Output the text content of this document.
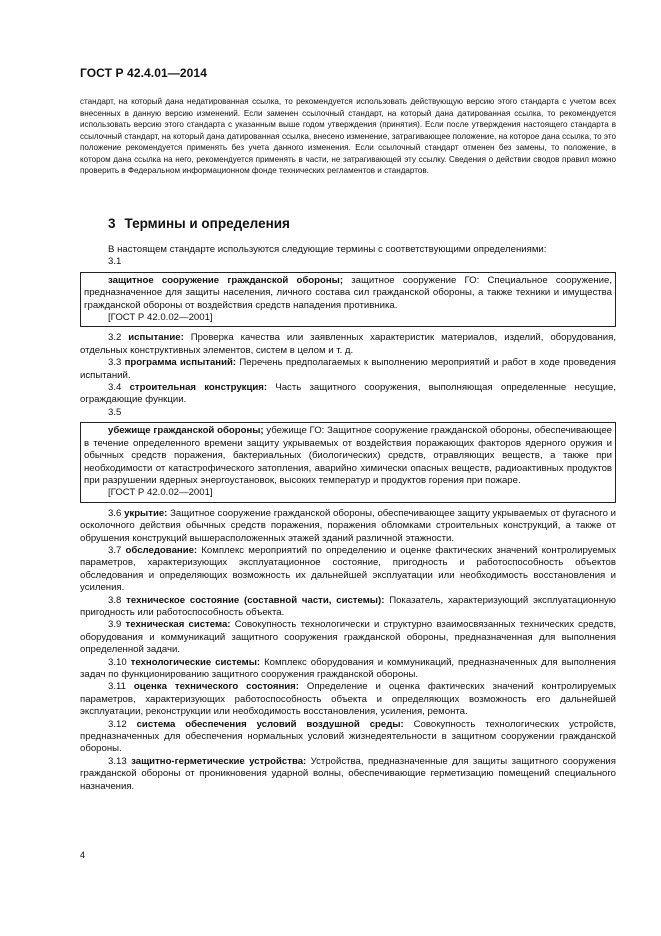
ГОСТ Р 42.4.01—2014
стандарт, на который дана недатированная ссылка, то рекомендуется использовать действующую версию этого стандарта с учетом всех внесенных в данную версию изменений. Если заменен ссылочный стандарт, на который дана датированная ссылка, то рекомендуется использовать версию этого стандарта с указанным выше годом утверждения (принятия). Если после утверждения настоящего стандарта в ссылочный стандарт, на который дана датированная ссылка, внесено изменение, затрагивающее положение, на которое дана ссылка, то это положение рекомендуется применять без учета данного изменения. Если ссылочный стандарт отменен без замены, то положение, в котором дана ссылка на него, рекомендуется применять в части, не затрагивающей эту ссылку. Сведения о действии сводов правил можно проверить в Федеральном информационном фонде технических регламентов и стандартов.
3 Термины и определения

В настоящем стандарте используются следующие термины с соответствующими определениями:

3.1

защитное сооружение гражданской обороны; защитное сооружение ГО: Специальное сооружение, предназначенное для защиты населения, личного состава сил гражданской обороны, а также техники и имущества гражданской обороны от воздействия средств нападения противника.

[ГОСТ Р 42.0.02—2001]

3.2 испытание: Проверка качества или заявленных характеристик материалов, изделий, оборудования, отдельных конструктивных элементов, систем в целом и т. д.

3.3 программа испытаний: Перечень предполагаемых к выполнению мероприятий и работ в ходе проведения испытаний.

3.4 строительная конструкция: Часть защитного сооружения, выполняющая определенные несущие, ограждающие функции.

3.5

убежище гражданской обороны; убежище ГО: Защитное сооружение гражданской обороны, обеспечивающее в течение определенного времени защиту укрываемых от воздействия поражающих факторов ядерного оружия и обычных средств поражения, бактериальных (биологических) средств, отравляющих веществ, а также при необходимости от катастрофического затопления, аварийно химически опасных веществ, радиоактивных продуктов при разрушении ядерных энергоустановок, высоких температур и продуктов горения при пожаре.

[ГОСТ Р 42.0.02—2001]

3.6 укрытие: Защитное сооружение гражданской обороны, обеспечивающее защиту укрываемых от фугасного и осколочного действия обычных средств поражения, поражения обломками строительных конструкций, а также от обрушения конструкций вышерасположенных этажей зданий различной этажности.

3.7 обследование: Комплекс мероприятий по определению и оценке фактических значений контролируемых параметров, характеризующих эксплуатационное состояние, пригодность и работоспособность объектов обследования и определяющих возможность их дальнейшей эксплуатации или необходимость восстановления и усиления.

3.8 техническое состояние (составной части, системы): Показатель, характеризующий эксплуатационную пригодность или работоспособность объекта.

3.9 техническая система: Совокупность технологически и структурно взаимосвязанных технических средств, оборудования и коммуникаций защитного сооружения гражданской обороны, предназначенная для выполнения определенной задачи.

3.10 технологические системы: Комплекс оборудования и коммуникаций, предназначенных для выполнения задач по функционированию защитного сооружения гражданской обороны.

3.11 оценка технического состояния: Определение и оценка фактических значений контролируемых параметров, характеризующих работоспособность объекта и определяющих возможность его дальнейшей эксплуатации, реконструкции или необходимость восстановления, усиления, ремонта.

3.12 система обеспечения условий воздушной среды: Совокупность технологических устройств, предназначенных для обеспечения нормальных условий жизнедеятельности в защитном сооружении гражданской обороны.

3.13 защитно-герметические устройства: Устройства, предназначенные для защиты защитного сооружения гражданской обороны от проникновения ударной волны, обеспечивающие герметизацию помещений специального назначения.

4
